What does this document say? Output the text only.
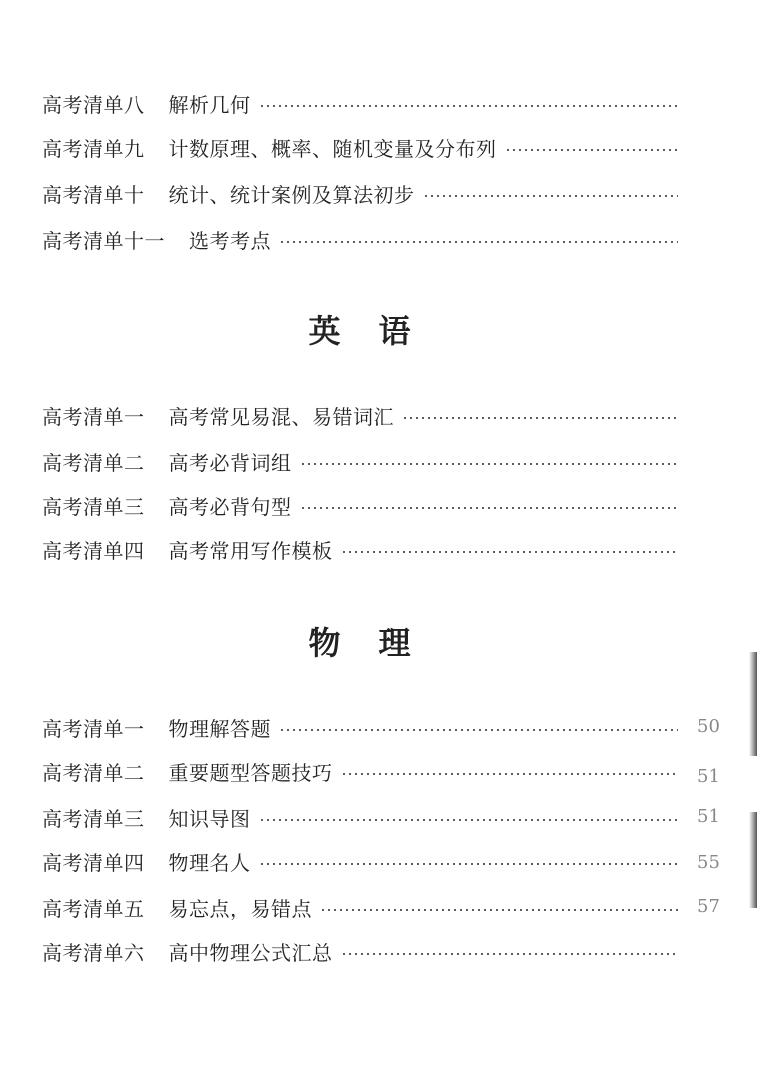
高考清单八 解析几何
高考清单九 计数原理、概率、随机变量及分布列
高考清单十 统计、统计案例及算法初步
高考清单十一 选考考点
英语
高考清单一 高考常见易混、易错词汇
高考清单二 高考必背词组
高考清单三 高考必背句型
高考清单四 高考常用写作模板
物理
高考清单一 物理解答题	50
高考清单二 重要题型答题技巧	51
高考清单三 知识导图	51
高考清单四 物理名人	55
高考清单五 易忘点，易错点	57
高考清单六 高中物理公式汇总
